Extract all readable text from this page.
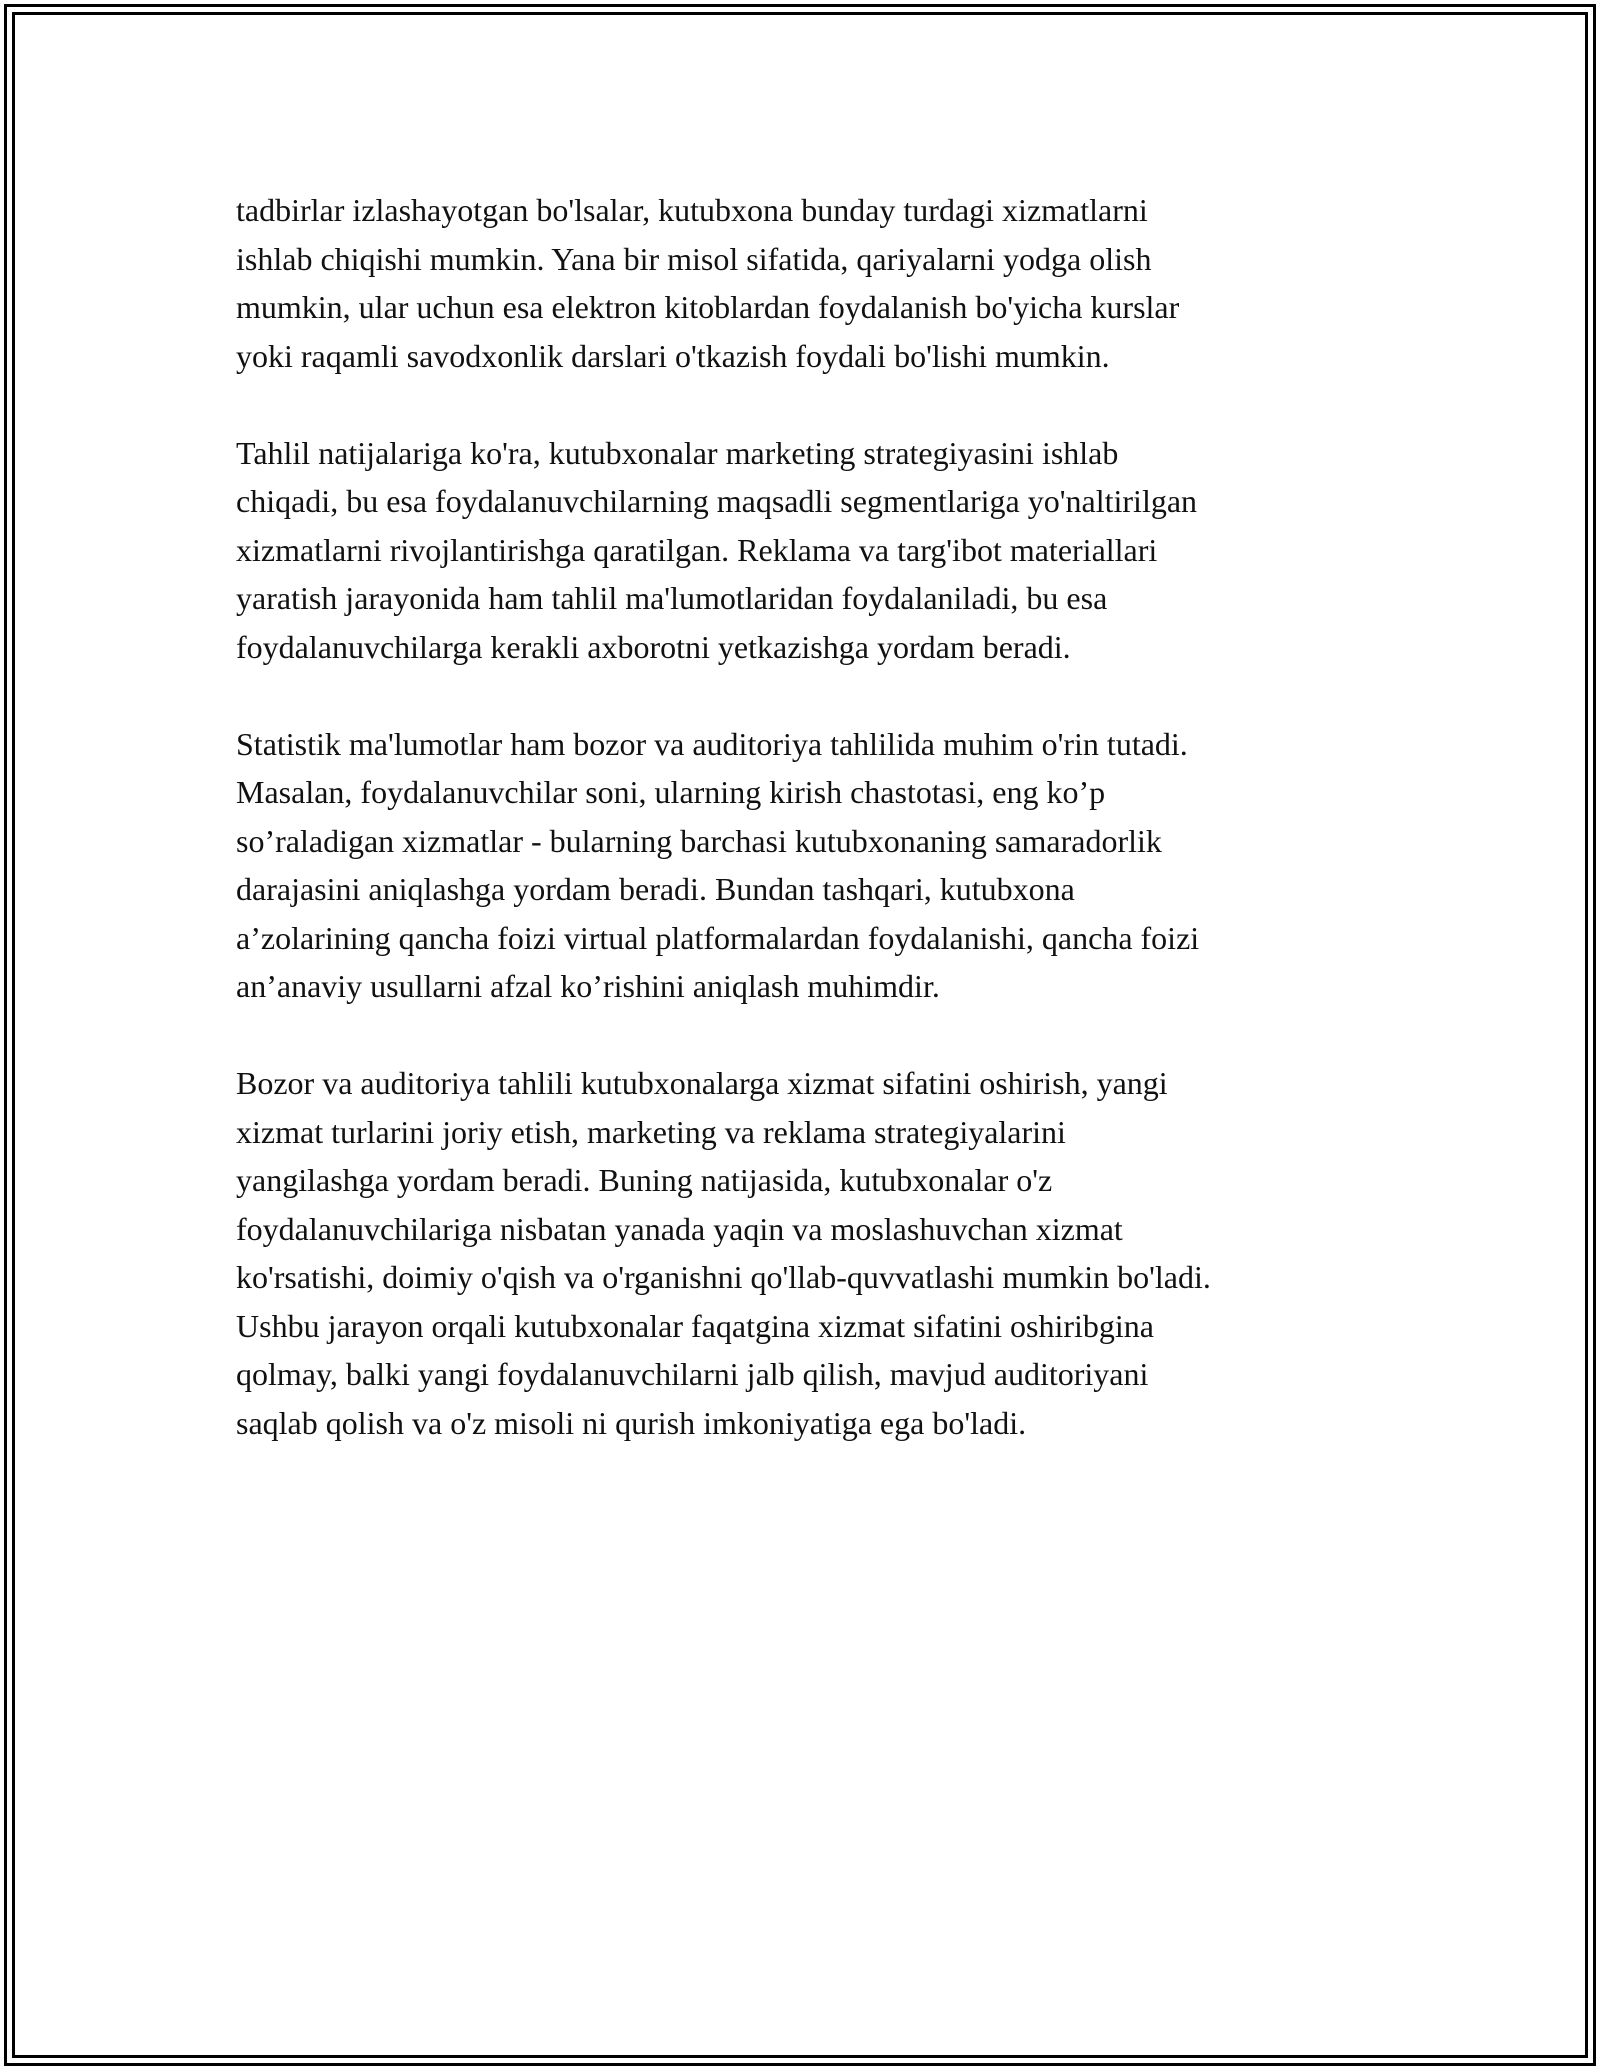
tadbirlar izlashayotgan bo'lsalar, kutubxona bunday turdagi xizmatlarni
ishlab chiqishi mumkin. Yana bir misol sifatida, qariyalarni yodga olish
mumkin, ular uchun esa elektron kitoblardan foydalanish bo'yicha kurslar
yoki raqamli savodxonlik darslari o'tkazish foydali bo'lishi mumkin.

Tahlil natijalariga ko'ra, kutubxonalar marketing strategiyasini ishlab
chiqadi, bu esa foydalanuvchilarning maqsadli segmentlariga yo'naltirilgan
xizmatlarni rivojlantirishga qaratilgan. Reklama va targ'ibot materiallari
yaratish jarayonida ham tahlil ma'lumotlaridan foydalaniladi, bu esa
foydalanuvchilarga kerakli axborotni yetkazishga yordam beradi.

Statistik ma'lumotlar ham bozor va auditoriya tahlilida muhim o'rin tutadi.
Masalan, foydalanuvchilar soni, ularning kirish chastotasi, eng ko’p
so’raladigan xizmatlar - bularning barchasi kutubxonaning samaradorlik
darajasini aniqlashga yordam beradi. Bundan tashqari, kutubxona
a’zolarining qancha foizi virtual platformalardan foydalanishi, qancha foizi
an’anaviy usullarni afzal ko’rishini aniqlash muhimdir.

Bozor va auditoriya tahlili kutubxonalarga xizmat sifatini oshirish, yangi
xizmat turlarini joriy etish, marketing va reklama strategiyalarini
yangilashga yordam beradi. Buning natijasida, kutubxonalar o'z
foydalanuvchilariga nisbatan yanada yaqin va moslashuvchan xizmat
ko'rsatishi, doimiy o'qish va o'rganishni qo'llab-quvvatlashi mumkin bo'ladi.
Ushbu jarayon orqali kutubxonalar faqatgina xizmat sifatini oshiribgina
qolmay, balki yangi foydalanuvchilarni jalb qilish, mavjud auditoriyani
saqlab qolish va o'z misoli ni qurish imkoniyatiga ega bo'ladi.
